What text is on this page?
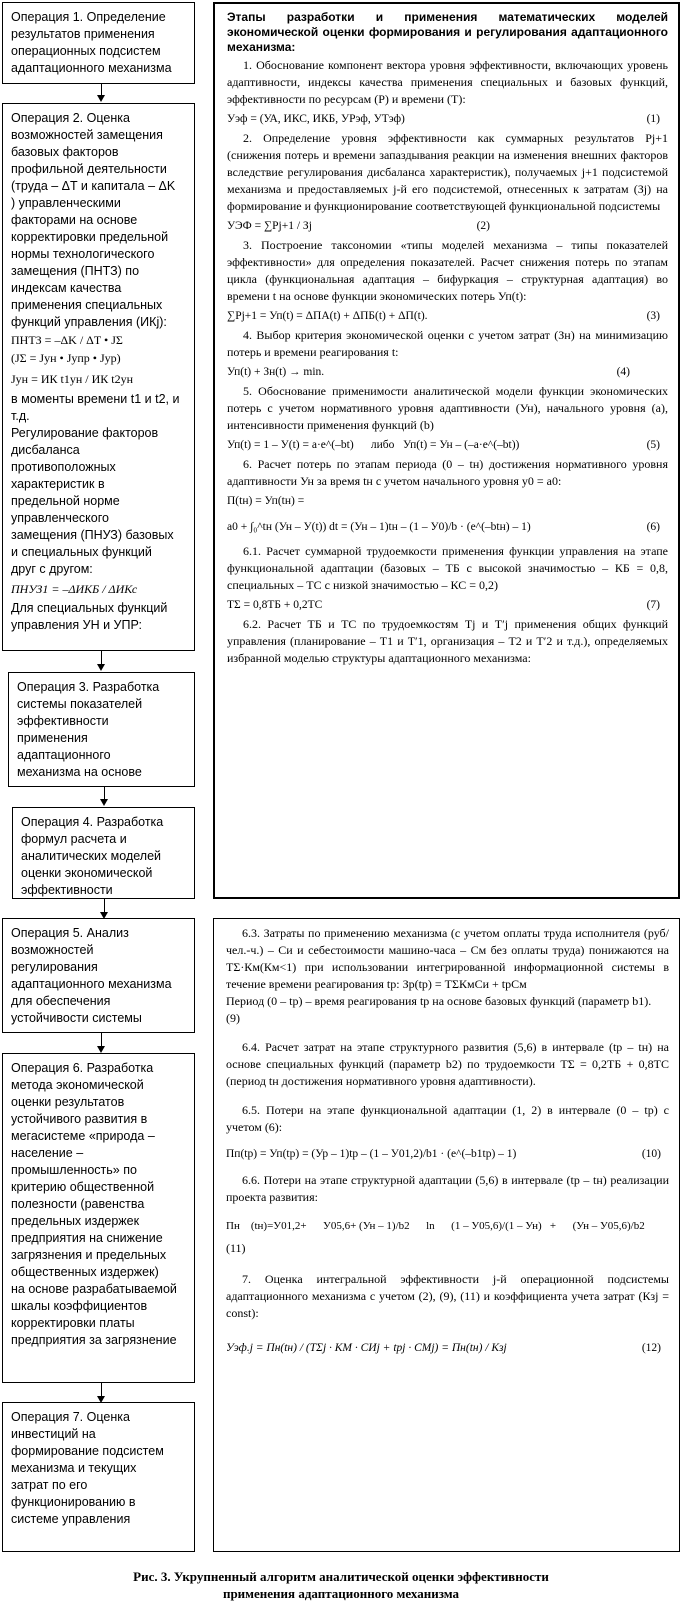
Операция 1. Определение
результатов применения
операционных подсистем
адаптационного механизма
Операция 2. Оценка
возможностей замещения
базовых факторов
профильной деятельности
(труда – ΔT и капитала – ΔK
) управленческими
факторами на основе
корректировки предельной
нормы технологического
замещения (ПНТЗ) по
индексам качества
применения специальных
функций управления (ИКj):
ПНТЗ = –ΔK / ΔT • JΣ
(JΣ = Jун • Jупр • Jур)
Jун = ИК t1ун / ИК t2ун
в моменты времени t1 и t2, и
т.д.
Регулирование факторов
дисбаланса
противоположных
характеристик в
предельной норме
управленческого
замещения (ПНУЗ) базовых
и специальных функций
друг с другом:
ПНУЗ1 = –ΔИКБ / ΔИКс
Для специальных функций
управления УН и УПР:
Операция 3. Разработка
системы показателей
эффективности
применения
адаптационного
механизма на основе
Операция 4. Разработка
формул расчета и
аналитических моделей
оценки экономической
эффективности
Операция 5. Анализ
возможностей
регулирования
адаптационного механизма
для обеспечения
устойчивости системы
Операция 6. Разработка
метода экономической
оценки результатов
устойчивого развития в
мегасистеме «природа –
население –
промышленность» по
критерию общественной
полезности (равенства
предельных издержек
предприятия на снижение
загрязнения и предельных
общественных издержек)
на основе разрабатываемой
шкалы коэффициентов
корректировки платы
предприятия за загрязнение
Операция 7. Оценка
инвестиций на
формирование подсистем
механизма и текущих
затрат по его
функционированию в
системе управления
Этапы разработки и применения математических моделей экономической оценки формирования и регулирования адаптационного механизма:

1. Обоснование компонент вектора уровня эффективности, включающих уровень адаптивности, индексы качества применения специальных и базовых функций, эффективности по ресурсам (Р) и времени (Т):

Уэф = (УА, ИКС, ИКБ, УPэф, УTэф)	(1)

2. Определение уровня эффективности как суммарных результатов Рj+1 (снижения потерь и времени запаздывания реакции на изменения внешних факторов вследствие регулирования дисбаланса характеристик), получаемых j+1 подсистемой механизма и предоставляемых j-й его подсистемой, отнесенных к затратам (Зj) на формирование и функционирование соответствующей функциональной подсистемы

УЭФ = ∑Рj+1 / Зj	(2)

3. Построение таксономии «типы моделей механизма – типы показателей эффективности» для определения показателей. Расчет снижения потерь по этапам цикла (функциональная адаптация – бифуркация – структурная адаптация) во времени t на основе функции экономических потерь Уп(t):

∑Рj+1 = Уп(t) = ΔПА(t) + ΔПБ(t) + ΔП(t).	(3)

4. Выбор критерия экономической оценки с учетом затрат (Зн) на минимизацию потерь и времени реагирования t:

Уп(t) + Зн(t) → min.	(4)

5. Обоснование применимости аналитической модели функции экономических потерь с учетом нормативного уровня адаптивности (Ун), начального уровня (a), интенсивности применения функций (b)

Уп(t) = 1 – У(t) = a·e^(–bt)      либо   Уп(t) = Ун – (–a·e^(–bt))	(5)

6. Расчет потерь по этапам периода (0 – tн) достижения нормативного уровня адаптивности Ун за время tн с учетом начального уровня у0 = a0:

П(tн) = Уп(tн) =
a0 + ∫₀^tн (Ун – У(t)) dt = (Ун – 1)tн – (1 – У0)/b · (e^(–btн) – 1)	(6)

6.1. Расчет суммарной трудоемкости применения функции управления на этапе функциональной адаптации (базовых – ТБ с высокой значимостью – КБ = 0,8, специальных – ТС с низкой значимостью – КС = 0,2)

ТΣ = 0,8ТБ + 0,2ТС	(7)

6.2. Расчет ТБ и ТС по трудоемкостям Тj и Т′j применения общих функций управления (планирование – Т1 и Т′1, организация – Т2 и Т′2 и т.д.), определяемых избранной моделью структуры адаптационного механизма:

6.3. Затраты по применению механизма (с учетом оплаты труда исполнителя (руб/чел.-ч.) – Си и себестоимости машино-часа – См без оплаты труда) понижаются на ТΣ·Км(Км<1) при использовании интегрированной информационной системы в течение времени реагирования tр: Зр(tр) = ТΣКмСи + tрСм

Период (0 – tр) – время реагирования tр на основе базовых функций (параметр b1).

(9)

6.4. Расчет затрат на этапе структурного развития (5,6) в интервале (tр – tн) на основе специальных функций (параметр b2) по трудоемкости ТΣ = 0,2ТБ + 0,8ТС (период tн достижения нормативного уровня адаптивности).

6.5. Потери на этапе функциональной адаптации (1, 2) в интервале (0 – tр) с учетом (6):

Пп(tр) = Уп(tр) = (Ур – 1)tр – (1 – У01,2)/b1 · (e^(–b1tр) – 1)	(10)

6.6. Потери на этапе структурной адаптации (5,6) в интервале (tр – tн) реализации проекта развития:

Пн    (tн)=У01,2+      У05,6+ (Ун – 1)/b2      ln      (1 – У05,6)/(1 – Ун)   +      (Ун – У05,6)/b2

(11)

7. Оценка интегральной эффективности j-й операционной подсистемы адаптационного механизма с учетом (2), (9), (11) и коэффициента учета затрат (Кзj = const):

Уэф.j = Пн(tн) / (ТΣj · КМ · СИj + tpj · СМj) = Пн(tн) / Кзj	(12)
Рис. 3. Укрупненный алгоритм аналитической оценки эффективности
применения адаптационного механизма
